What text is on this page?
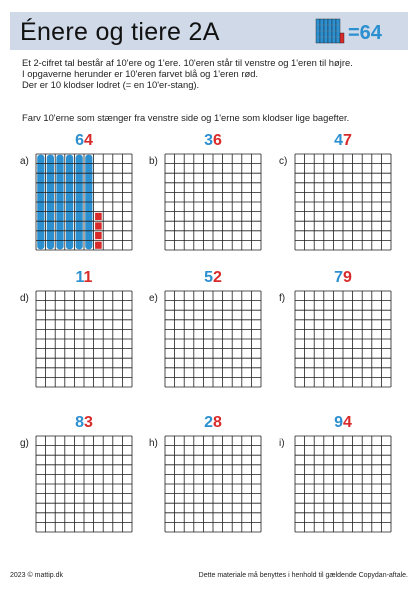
Énere og tiere 2A	=64

Et 2-cifret tal består af 10'ere og 1'ere. 10'eren står til venstre og 1'eren til højre.

I opgaverne herunder er 10'eren farvet blå og 1'eren rød.

Der er 10 klodser lodret (= en 10'er-stang).

Farv 10'erne som stænger fra venstre side og 1'erne som klodser lige bagefter.
a)
64
b)
36
c)
47
d)
11
e)
52
f)
79
g)
83
h)
28
i)
94
2023 © mattip.dk	Dette materiale må benyttes i henhold til gældende Copydan-aftale.
